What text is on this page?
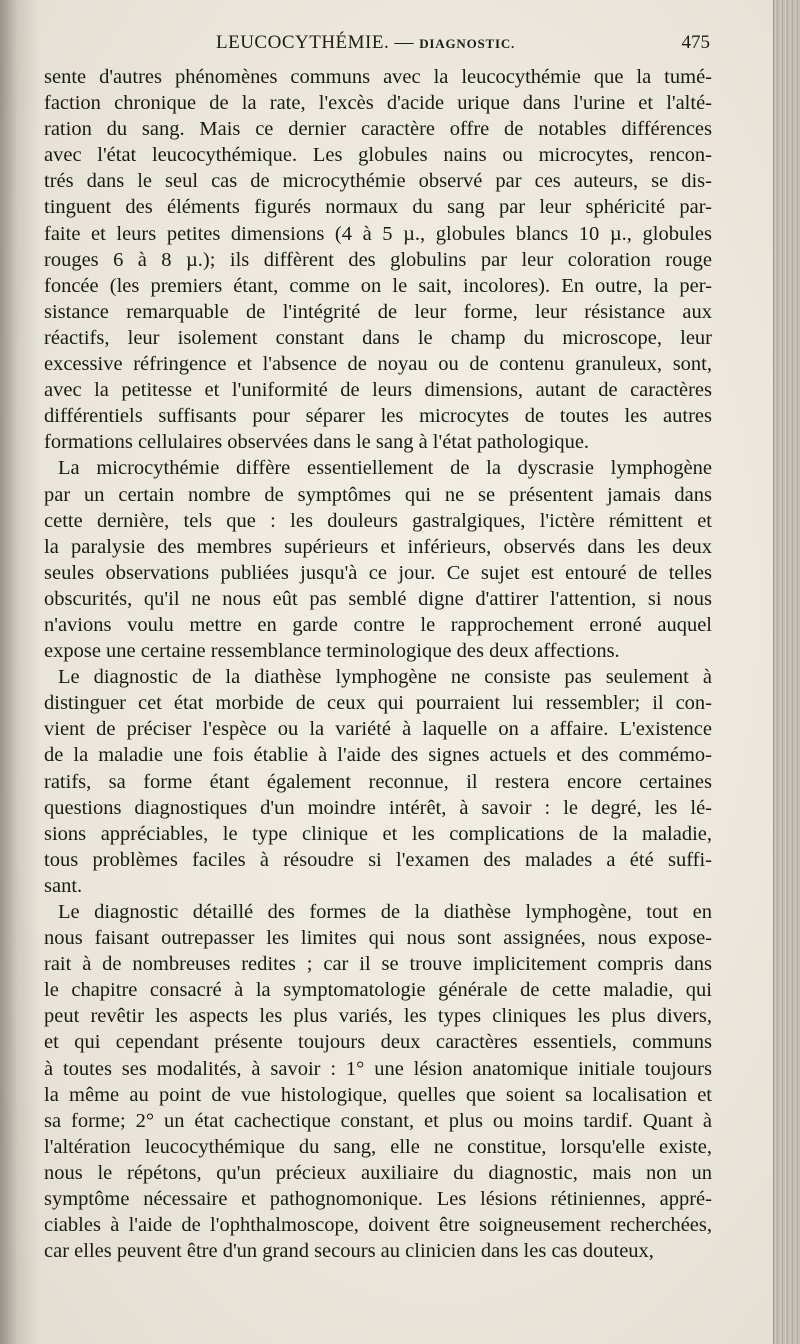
LEUCOCYTHÉMIE. — DIAGNOSTIC.	475

sente d'autres phénomènes communs avec la leucocythémie que la tumé-
faction chronique de la rate, l'excès d'acide urique dans l'urine et l'alté-
ration du sang. Mais ce dernier caractère offre de notables différences
avec l'état leucocythémique. Les globules nains ou microcytes, rencon-
trés dans le seul cas de microcythémie observé par ces auteurs, se dis-
tinguent des éléments figurés normaux du sang par leur sphéricité par-
faite et leurs petites dimensions (4 à 5 µ., globules blancs 10 µ., globules
rouges 6 à 8 µ.); ils diffèrent des globulins par leur coloration rouge
foncée (les premiers étant, comme on le sait, incolores). En outre, la per-
sistance remarquable de l'intégrité de leur forme, leur résistance aux
réactifs, leur isolement constant dans le champ du microscope, leur
excessive réfringence et l'absence de noyau ou de contenu granuleux, sont,
avec la petitesse et l'uniformité de leurs dimensions, autant de caractères
différentiels suffisants pour séparer les microcytes de toutes les autres
formations cellulaires observées dans le sang à l'état pathologique.

La microcythémie diffère essentiellement de la dyscrasie lymphogène
par un certain nombre de symptômes qui ne se présentent jamais dans
cette dernière, tels que : les douleurs gastralgiques, l'ictère rémittent et
la paralysie des membres supérieurs et inférieurs, observés dans les deux
seules observations publiées jusqu'à ce jour. Ce sujet est entouré de telles
obscurités, qu'il ne nous eût pas semblé digne d'attirer l'attention, si nous
n'avions voulu mettre en garde contre le rapprochement erroné auquel
expose une certaine ressemblance terminologique des deux affections.

Le diagnostic de la diathèse lymphogène ne consiste pas seulement à
distinguer cet état morbide de ceux qui pourraient lui ressembler; il con-
vient de préciser l'espèce ou la variété à laquelle on a affaire. L'existence
de la maladie une fois établie à l'aide des signes actuels et des commémo-
ratifs, sa forme étant également reconnue, il restera encore certaines
questions diagnostiques d'un moindre intérêt, à savoir : le degré, les lé-
sions appréciables, le type clinique et les complications de la maladie,
tous problèmes faciles à résoudre si l'examen des malades a été suffi-
sant.

Le diagnostic détaillé des formes de la diathèse lymphogène, tout en
nous faisant outrepasser les limites qui nous sont assignées, nous expose-
rait à de nombreuses redites ; car il se trouve implicitement compris dans
le chapitre consacré à la symptomatologie générale de cette maladie, qui
peut revêtir les aspects les plus variés, les types cliniques les plus divers,
et qui cependant présente toujours deux caractères essentiels, communs
à toutes ses modalités, à savoir : 1° une lésion anatomique initiale toujours
la même au point de vue histologique, quelles que soient sa localisation et
sa forme; 2° un état cachectique constant, et plus ou moins tardif. Quant à
l'altération leucocythémique du sang, elle ne constitue, lorsqu'elle existe,
nous le répétons, qu'un précieux auxiliaire du diagnostic, mais non un
symptôme nécessaire et pathognomonique. Les lésions rétiniennes, appré-
ciables à l'aide de l'ophthalmoscope, doivent être soigneusement recherchées,
car elles peuvent être d'un grand secours au clinicien dans les cas douteux,
